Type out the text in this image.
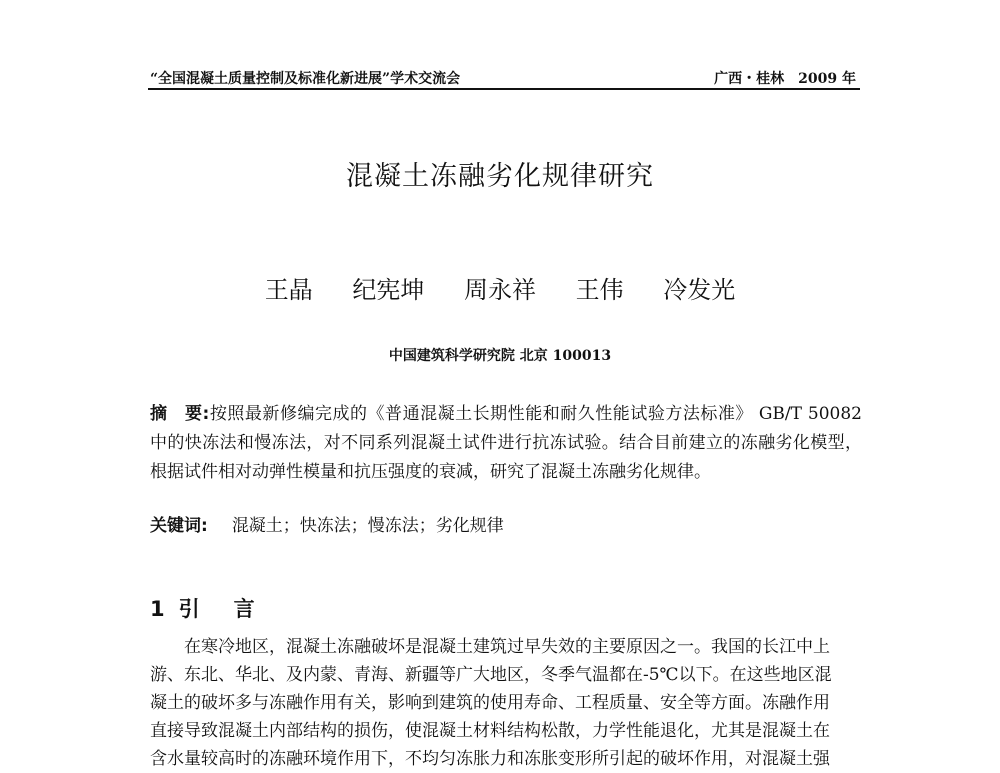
“全国混凝土质量控制及标准化新进展”学术交流会	广西・桂林　2009 年
混凝土冻融劣化规律研究
王晶 纪宪坤 周永祥 王伟 冷发光
中国建筑科学研究院 北京 100013
摘　要:按照最新修编完成的《普通混凝土长期性能和耐久性能试验方法标准》 GB/T 50082 中的快冻法和慢冻法，对不同系列混凝土试件进行抗冻试验。结合目前建立的冻融劣化模型，根据试件相对动弹性模量和抗压强度的衰减，研究了混凝土冻融劣化规律。
关键词: 混凝土；快冻法；慢冻法；劣化规律
1 引 言
在寒冷地区，混凝土冻融破坏是混凝土建筑过早失效的主要原因之一。我国的长江中上
游、东北、华北、及内蒙、青海、新疆等广大地区，冬季气温都在-5℃以下。在这些地区混
凝土的破坏多与冻融作用有关，影响到建筑的使用寿命、工程质量、安全等方面。冻融作用
直接导致混凝土内部结构的损伤，使混凝土材料结构松散，力学性能退化，尤其是混凝土在
含水量较高时的冻融环境作用下，不均匀冻胀力和冻胀变形所引起的破坏作用，对混凝土强
